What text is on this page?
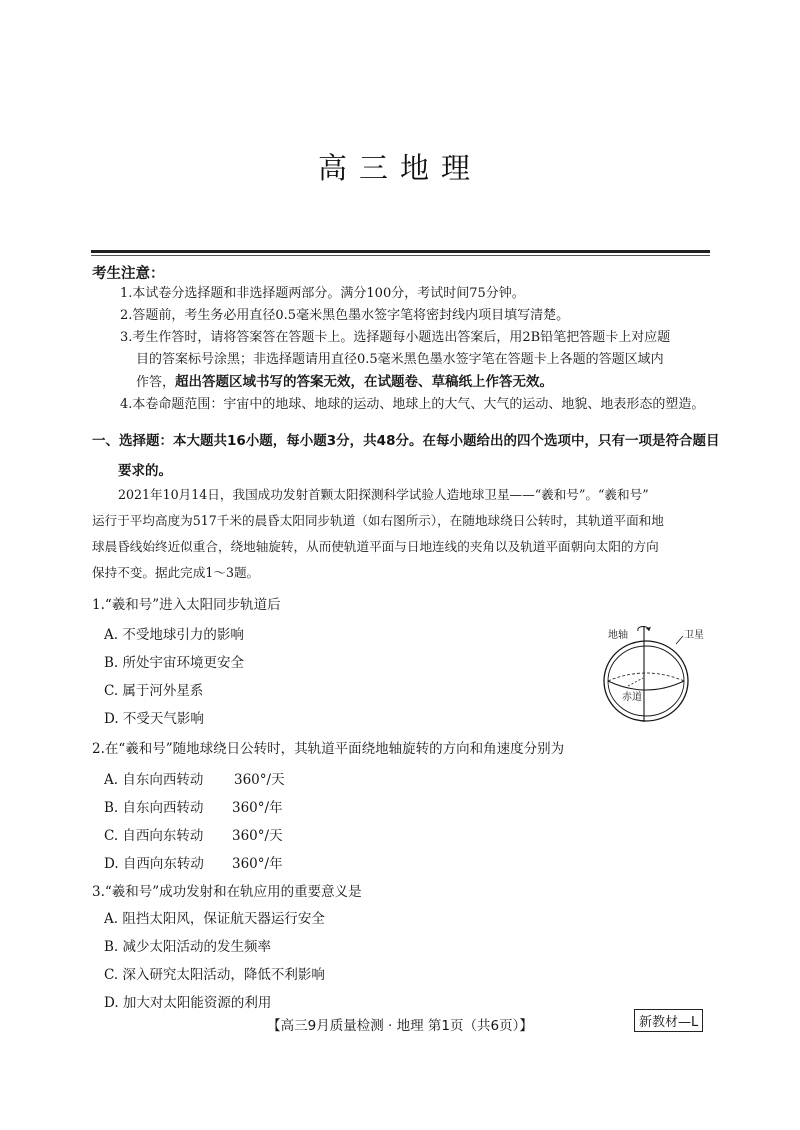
高三地理
考生注意：
1.本试卷分选择题和非选择题两部分。满分100分，考试时间75分钟。
2.答题前，考生务必用直径0.5毫米黑色墨水签字笔将密封线内项目填写清楚。
3.考生作答时，请将答案答在答题卡上。选择题每小题选出答案后，用2B铅笔把答题卡上对应题
目的答案标号涂黑；非选择题请用直径0.5毫米黑色墨水签字笔在答题卡上各题的答题区域内
作答，超出答题区域书写的答案无效，在试题卷、草稿纸上作答无效。
4.本卷命题范围：宇宙中的地球、地球的运动、地球上的大气、大气的运动、地貌、地表形态的塑造。
一、选择题：本大题共16小题，每小题3分，共48分。在每小题给出的四个选项中，只有一项是符合题目
要求的。
2021年10月14日，我国成功发射首颗太阳探测科学试验人造地球卫星——“羲和号”。“羲和号”
运行于平均高度为517千米的晨昏太阳同步轨道（如右图所示），在随地球绕日公转时，其轨道平面和地
球晨昏线始终近似重合，绕地轴旋转，从而使轨道平面与日地连线的夹角以及轨道平面朝向太阳的方向
保持不变。据此完成1～3题。
1.“羲和号”进入太阳同步轨道后
A. 不受地球引力的影响
B. 所处宇宙环境更安全
C. 属于河外星系
D. 不受天气影响
地轴	卫星
赤道
2.在“羲和号”随地球绕日公转时，其轨道平面绕地轴旋转的方向和角速度分别为
A. 自东向西转动 360°/天
B. 自东向西转动 360°/年
C. 自西向东转动 360°/天
D. 自西向东转动 360°/年
3.“羲和号”成功发射和在轨应用的重要意义是
A. 阻挡太阳风，保证航天器运行安全
B. 减少太阳活动的发生频率
C. 深入研究太阳活动，降低不利影响
D. 加大对太阳能资源的利用
【高三9月质量检测 · 地理 第1页（共6页）】	新教材—L
